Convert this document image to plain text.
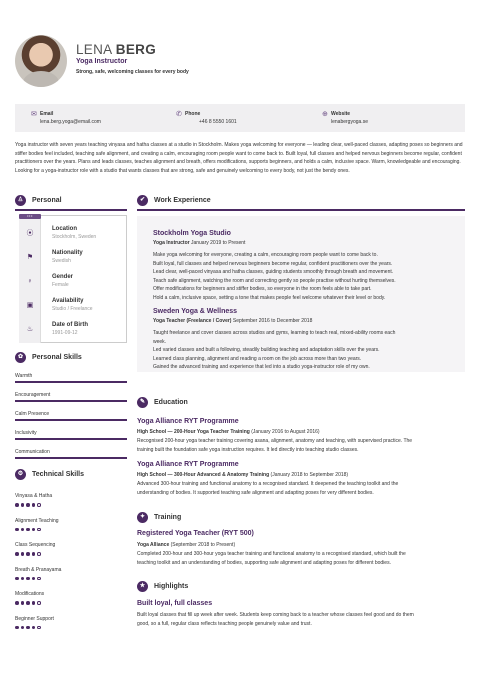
LENA BERG
Yoga Instructor
Strong, safe, welcoming classes for every body
✉ Email
lena.berg.yoga@email.com
✆ Phone
+46 8 5550 1601
⊕ Website
lenabergyoga.se
Yoga instructor with seven years teaching vinyasa and hatha classes at a studio in Stockholm. Makes yoga welcoming for everyone — leading clear, well-paced classes, adapting poses so beginners and stiffer bodies feel included, teaching safe alignment, and creating a calm, encouraging room people want to come back to. Built loyal, full classes and helped nervous beginners become regular, confident practitioners over the years. Plans and leads classes, teaches alignment and breath, offers modifications, supports beginners, and holds a calm, inclusive space. Warm, knowledgeable and encouraging. Looking for a yoga-instructor role with a studio that wants classes that are strong, safe and genuinely welcoming to every body, not just the bendy ones.
♙	Personal
•••
⦿
Location
Stockholm, Sweden
⚑
Nationality
Swedish
♀
Gender
Female
▣
Availability
Studio / Freelance
♨
Date of Birth
1991-09-12
✿	Personal Skills
Warmth
Encouragement
Calm Presence
Inclusivity
Communication
⚙	Technical Skills
Vinyasa & Hatha
Alignment Teaching
Class Sequencing
Breath & Pranayama
Modifications
Beginner Support
✔	Work Experience
Stockholm Yoga Studio
Yoga Instructor January 2019 to Present
Make yoga welcoming for everyone, creating a calm, encouraging room people want to come back to.
Built loyal, full classes and helped nervous beginners become regular, confident practitioners over the years.
Lead clear, well-paced vinyasa and hatha classes, guiding students smoothly through breath and movement.
Teach safe alignment, watching the room and correcting gently so people practise without hurting themselves.
Offer modifications for beginners and stiffer bodies, so everyone in the room feels able to take part.
Hold a calm, inclusive space, setting a tone that makes people feel welcome whatever their level or body.
Sweden Yoga & Wellness
Yoga Teacher (Freelance / Cover) September 2016 to December 2018
Taught freelance and cover classes across studios and gyms, learning to teach real, mixed-ability rooms each
week.
Led varied classes and built a following, steadily building teaching and adaptation skills over the years.
Learned class planning, alignment and reading a room on the job across more than two years.
Gained the advanced training and experience that led into a studio yoga-instructor role of my own.
✎	Education
Yoga Alliance RYT Programme
High School — 200-Hour Yoga Teacher Training (January 2016 to August 2016)
Recognised 200-hour yoga teacher training covering asana, alignment, anatomy and teaching, with supervised practice. The
training built the foundation safe yoga instruction requires. It led directly into teaching studio classes.
Yoga Alliance RYT Programme
High School — 300-Hour Advanced & Anatomy Training (January 2018 to September 2018)
Advanced 300-hour training and functional anatomy to a recognised standard. It deepened the teaching toolkit and the
understanding of bodies. It supported teaching safe alignment and adapting poses for very different bodies.
✦	Training
Registered Yoga Teacher (RYT 500)
Yoga Alliance (September 2018 to Present)
Completed 200-hour and 300-hour yoga teacher training and functional anatomy to a recognised standard, which built the
teaching toolkit and an understanding of bodies, supporting safe alignment and adapting poses for different bodies.
★	Highlights
Built loyal, full classes
Built loyal classes that fill up week after week. Students keep coming back to a teacher whose classes feel good and do them
good, so a full, regular class reflects teaching people genuinely value and trust.
